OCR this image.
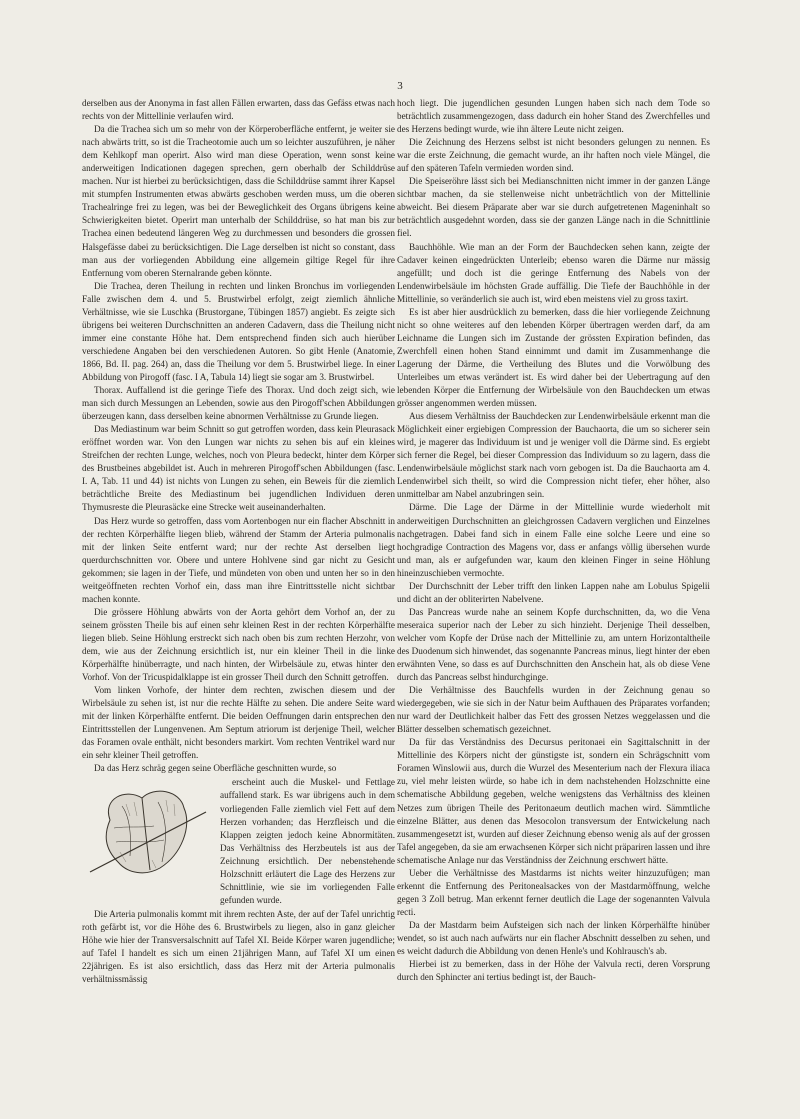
3

derselben aus der Anonyma in fast allen Fällen erwarten, dass das Gefäss etwas nach rechts von der Mittellinie verlaufen wird.

Da die Trachea sich um so mehr von der Körperoberfläche entfernt, je weiter sie nach abwärts tritt, so ist die Tracheotomie auch um so leichter auszuführen, je näher dem Kehlkopf man operirt. Also wird man diese Operation, wenn sonst keine anderweitigen Indicationen dagegen sprechen, gern oberhalb der Schilddrüse machen. Nur ist hierbei zu berücksichtigen, dass die Schilddrüse sammt ihrer Kapsel mit stumpfen Instrumenten etwas abwärts geschoben werden muss, um die oberen Trachealringe frei zu legen, was bei der Beweglichkeit des Organs übrigens keine Schwierigkeiten bietet. Operirt man unterhalb der Schilddrüse, so hat man bis zur Trachea einen bedeutend längeren Weg zu durchmessen und besonders die grossen Halsgefässe dabei zu berücksichtigen. Die Lage derselben ist nicht so constant, dass man aus der vorliegenden Abbildung eine allgemein giltige Regel für ihre Entfernung vom oberen Sternalrande geben könnte.

Die Trachea, deren Theilung in rechten und linken Bronchus im vorliegenden Falle zwischen dem 4. und 5. Brustwirbel erfolgt, zeigt ziemlich ähnliche Verhältnisse, wie sie Luschka (Brustorgane, Tübingen 1857) angiebt. Es zeigte sich übrigens bei weiteren Durchschnitten an anderen Cadavern, dass die Theilung nicht immer eine constante Höhe hat. Dem entsprechend finden sich auch hierüber verschiedene Angaben bei den verschiedenen Autoren. So gibt Henle (Anatomie, 1866, Bd. II. pag. 264) an, dass die Theilung vor dem 5. Brustwirbel liege. In einer Abbildung von Pirogoff (fasc. I A, Tabula 14) liegt sie sogar am 3. Brustwirbel.

Thorax. Auffallend ist die geringe Tiefe des Thorax. Und doch zeigt sich, wie man sich durch Messungen an Lebenden, sowie aus den Pirogoff'schen Abbildungen überzeugen kann, dass derselben keine abnormen Verhältnisse zu Grunde liegen.

Das Mediastinum war beim Schnitt so gut getroffen worden, dass kein Pleurasack eröffnet worden war. Von den Lungen war nichts zu sehen bis auf ein kleines Streifchen der rechten Lunge, welches, noch von Pleura bedeckt, hinter dem Körper des Brustbeines abgebildet ist. Auch in mehreren Pirogoff'schen Abbildungen (fasc. I. A, Tab. 11 und 44) ist nichts von Lungen zu sehen, ein Beweis für die ziemlich beträchtliche Breite des Mediastinum bei jugendlichen Individuen deren Thymusreste die Pleurasäcke eine Strecke weit auseinanderhalten.

Das Herz wurde so getroffen, dass vom Aortenbogen nur ein flacher Abschnitt in der rechten Körperhälfte liegen blieb, während der Stamm der Arteria pulmonalis mit der linken Seite entfernt ward; nur der rechte Ast derselben liegt querdurchschnitten vor. Obere und untere Hohlvene sind gar nicht zu Gesicht gekommen; sie lagen in der Tiefe, und mündeten von oben und unten her so in den weitgeöffneten rechten Vorhof ein, dass man ihre Eintrittsstelle nicht sichtbar machen konnte.

Die grössere Höhlung abwärts von der Aorta gehört dem Vorhof an, der zu seinem grössten Theile bis auf einen sehr kleinen Rest in der rechten Körperhälfte liegen blieb. Seine Höhlung erstreckt sich nach oben bis zum rechten Herzohr, von dem, wie aus der Zeichnung ersichtlich ist, nur ein kleiner Theil in die linke Körperhälfte hinüberragte, und nach hinten, der Wirbelsäule zu, etwas hinter den Vorhof. Von der Tricuspidalklappe ist ein grosser Theil durch den Schnitt getroffen.

Vom linken Vorhofe, der hinter dem rechten, zwischen diesem und der Wirbelsäule zu sehen ist, ist nur die rechte Hälfte zu sehen. Die andere Seite ward mit der linken Körperhälfte entfernt. Die beiden Oeffnungen darin entsprechen den Eintrittsstellen der Lungenvenen. Am Septum atriorum ist derjenige Theil, welcher das Foramen ovale enthält, nicht besonders markirt. Vom rechten Ventrikel ward nur ein sehr kleiner Theil getroffen.

Da das Herz schräg gegen seine Oberfläche geschnitten wurde, so

erscheint auch die Muskel- und Fettlage auffallend stark. Es war übrigens auch in dem vorliegenden Falle ziemlich viel Fett auf dem Herzen vorhanden; das Herzfleisch und die Klappen zeigten jedoch keine Abnormitäten. Das Verhältniss des Herzbeutels ist aus der Zeichnung ersichtlich. Der nebenstehende Holzschnitt erläutert die Lage des Herzens zur Schnittlinie, wie sie im vorliegenden Falle gefunden wurde.

Die Arteria pulmonalis kommt mit ihrem rechten Aste, der auf der Tafel unrichtig roth gefärbt ist, vor die Höhe des 6. Brustwirbels zu liegen, also in ganz gleicher Höhe wie hier der Transversalschnitt auf Tafel XI. Beide Körper waren jugendliche; auf Tafel I handelt es sich um einen 21jährigen Mann, auf Tafel XI um einen 22jährigen. Es ist also ersichtlich, dass das Herz mit der Arteria pulmonalis verhältnissmässig

hoch liegt. Die jugendlichen gesunden Lungen haben sich nach dem Tode so beträchtlich zusammengezogen, dass dadurch ein hoher Stand des Zwerchfelles und des Herzens bedingt wurde, wie ihn ältere Leute nicht zeigen.

Die Zeichnung des Herzens selbst ist nicht besonders gelungen zu nennen. Es war die erste Zeichnung, die gemacht wurde, an ihr haften noch viele Mängel, die auf den späteren Tafeln vermieden worden sind.

Die Speiseröhre lässt sich bei Medianschnitten nicht immer in der ganzen Länge sichtbar machen, da sie stellenweise nicht unbeträchtlich von der Mittellinie abweicht. Bei diesem Präparate aber war sie durch aufgetretenen Mageninhalt so beträchtlich ausgedehnt worden, dass sie der ganzen Länge nach in die Schnittlinie fiel.

Bauchhöhle. Wie man an der Form der Bauchdecken sehen kann, zeigte der Cadaver keinen eingedrückten Unterleib; ebenso waren die Därme nur mässig angefüllt; und doch ist die geringe Entfernung des Nabels von der Lendenwirbelsäule im höchsten Grade auffällig. Die Tiefe der Bauchhöhle in der Mittellinie, so veränderlich sie auch ist, wird eben meistens viel zu gross taxirt.

Es ist aber hier ausdrücklich zu bemerken, dass die hier vorliegende Zeichnung nicht so ohne weiteres auf den lebenden Körper übertragen werden darf, da am Leichname die Lungen sich im Zustande der grössten Expiration befinden, das Zwerchfell einen hohen Stand einnimmt und damit im Zusammenhange die Lagerung der Därme, die Vertheilung des Blutes und die Vorwölbung des Unterleibes um etwas verändert ist. Es wird daher bei der Uebertragung auf den lebenden Körper die Entfernung der Wirbelsäule von den Bauchdecken um etwas grösser angenommen werden müssen.

Aus diesem Verhältniss der Bauchdecken zur Lendenwirbelsäule erkennt man die Möglichkeit einer ergiebigen Compression der Bauchaorta, die um so sicherer sein wird, je magerer das Individuum ist und je weniger voll die Därme sind. Es ergiebt sich ferner die Regel, bei dieser Compression das Individuum so zu lagern, dass die Lendenwirbelsäule möglichst stark nach vorn gebogen ist. Da die Bauchaorta am 4. Lendenwirbel sich theilt, so wird die Compression nicht tiefer, eher höher, also unmittelbar am Nabel anzubringen sein.

Därme. Die Lage der Därme in der Mittellinie wurde wiederholt mit anderweitigen Durchschnitten an gleichgrossen Cadavern verglichen und Einzelnes nachgetragen. Dabei fand sich in einem Falle eine solche Leere und eine so hochgradige Contraction des Magens vor, dass er anfangs völlig übersehen wurde und man, als er aufgefunden war, kaum den kleinen Finger in seine Höhlung hineinzuschieben vermochte.

Der Durchschnitt der Leber trifft den linken Lappen nahe am Lobulus Spigelii und dicht an der obliterirten Nabelvene.

Das Pancreas wurde nahe an seinem Kopfe durchschnitten, da, wo die Vena meseraica superior nach der Leber zu sich hinzieht. Derjenige Theil desselben, welcher vom Kopfe der Drüse nach der Mittellinie zu, am untern Horizontaltheile des Duodenum sich hinwendet, das sogenannte Pancreas minus, liegt hinter der eben erwähnten Vene, so dass es auf Durchschnitten den Anschein hat, als ob diese Vene durch das Pancreas selbst hindurchginge.

Die Verhältnisse des Bauchfells wurden in der Zeichnung genau so wiedergegeben, wie sie sich in der Natur beim Aufthauen des Präparates vorfanden; nur ward der Deutlichkeit halber das Fett des grossen Netzes weggelassen und die Blätter desselben schematisch gezeichnet.

Da für das Verständniss des Decursus peritonaei ein Sagittalschnitt in der Mittellinie des Körpers nicht der günstigste ist, sondern ein Schrägschnitt vom Foramen Winslowii aus, durch die Wurzel des Mesenterium nach der Flexura iliaca zu, viel mehr leisten würde, so habe ich in dem nachstehenden Holzschnitte eine schematische Abbildung gegeben, welche wenigstens das Verhältniss des kleinen Netzes zum übrigen Theile des Peritonaeum deutlich machen wird. Sämmtliche einzelne Blätter, aus denen das Mesocolon transversum der Entwickelung nach zusammengesetzt ist, wurden auf dieser Zeichnung ebenso wenig als auf der grossen Tafel angegeben, da sie am erwachsenen Körper sich nicht präpariren lassen und ihre schematische Anlage nur das Verständniss der Zeichnung erschwert hätte.

Ueber die Verhältnisse des Mastdarms ist nichts weiter hinzuzufügen; man erkennt die Entfernung des Peritonealsackes von der Mastdarmöffnung, welche gegen 3 Zoll betrug. Man erkennt ferner deutlich die Lage der sogenannten Valvula recti.

Da der Mastdarm beim Aufsteigen sich nach der linken Körperhälfte hinüber wendet, so ist auch nach aufwärts nur ein flacher Abschnitt desselben zu sehen, und es weicht dadurch die Abbildung von denen Henle's und Kohlrausch's ab.

Hierbei ist zu bemerken, dass in der Höhe der Valvula recti, deren Vorsprung durch den Sphincter ani tertius bedingt ist, der Bauch-
